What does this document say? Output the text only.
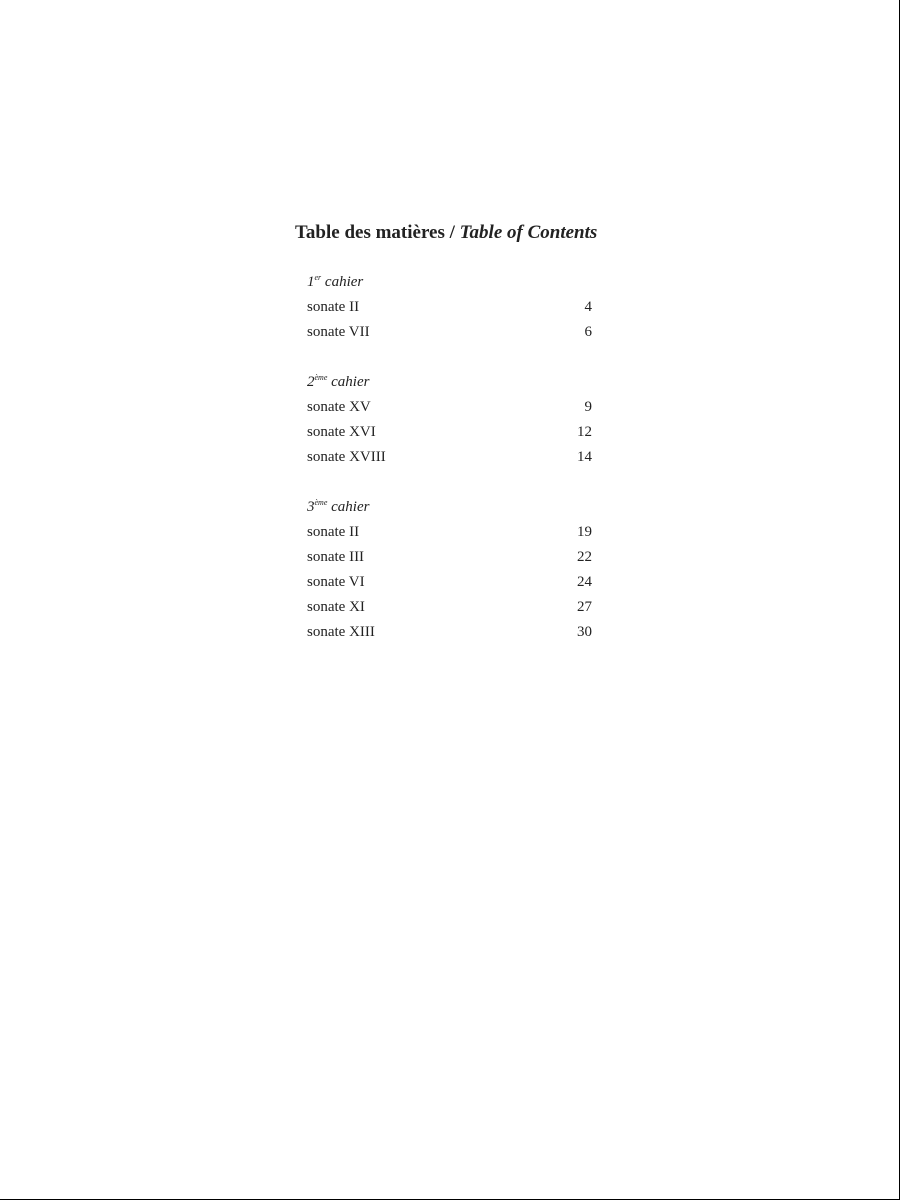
Table des matières / Table of Contents
1er cahier
sonate II	4
sonate VII	6
2ème cahier
sonate XV	9
sonate XVI	12
sonate XVIII	14
3ème cahier
sonate II	19
sonate III	22
sonate VI	24
sonate XI	27
sonate XIII	30
